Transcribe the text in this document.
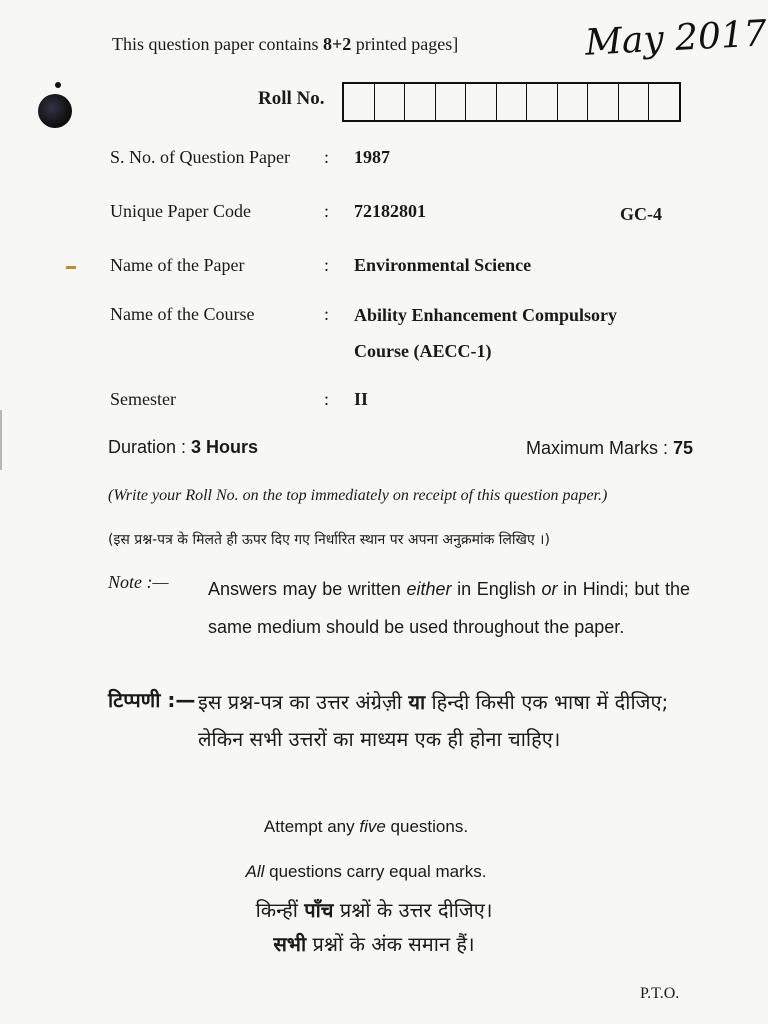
This question paper contains 8+2 printed pages]	May 2017
Roll No.
S. No. of Question Paper : 1987
Unique Paper Code	: 72182801	GC-4
Name of the Paper	: Environmental Science
Name of the Course	: Ability Enhancement Compulsory
Course (AECC-1)
Semester	: II
Duration : 3 Hours	Maximum Marks : 75
(Write your Roll No. on the top immediately on receipt of this question paper.)
(इस प्रश्न-पत्र के मिलते ही ऊपर दिए गए निर्धारित स्थान पर अपना अनुक्रमांक लिखिए ।)
Note :— Answers may be written either in English or in Hindi; but the same medium should be used throughout the paper.
टिप्पणी :— इस प्रश्न-पत्र का उत्तर अंग्रेज़ी या हिन्दी किसी एक भाषा में दीजिए; लेकिन सभी उत्तरों का माध्यम एक ही होना चाहिए।
Attempt any five questions.
All questions carry equal marks.
किन्हीं पाँच प्रश्नों के उत्तर दीजिए।
सभी प्रश्नों के अंक समान हैं।
P.T.O.
